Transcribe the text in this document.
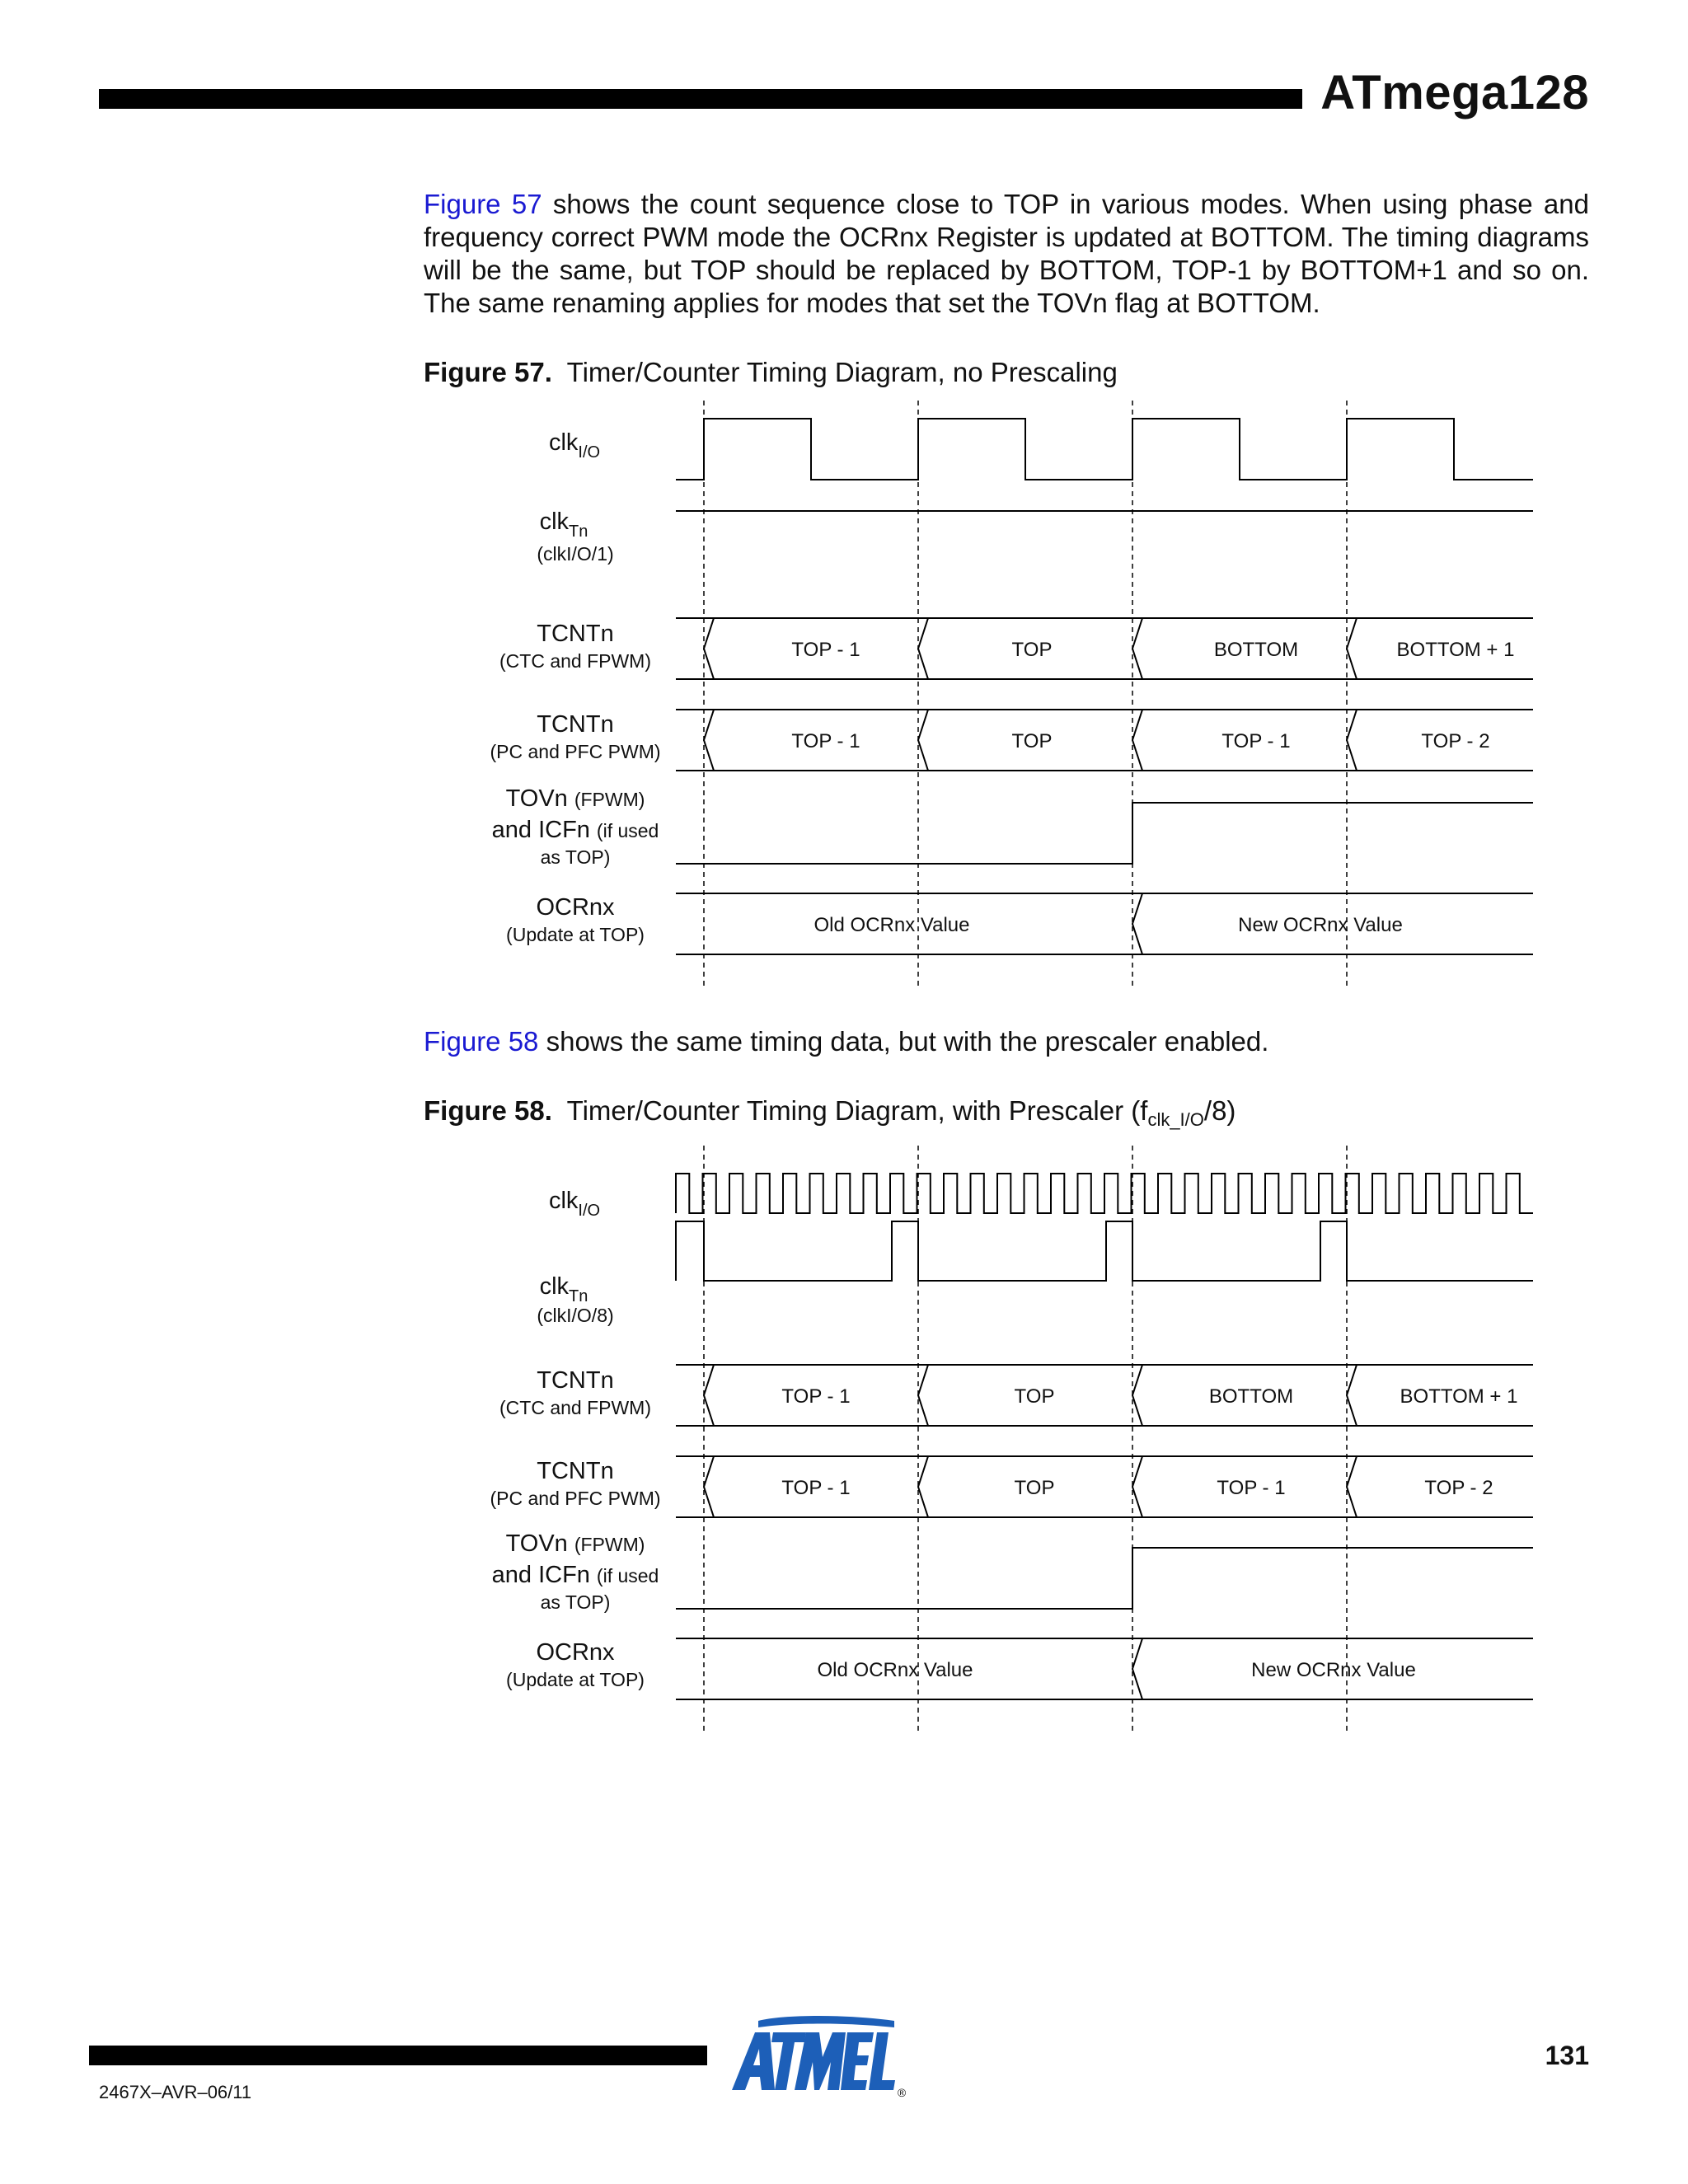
ATmega128
Figure 57 shows the count sequence close to TOP in various modes. When using phase and frequency correct PWM mode the OCRnx Register is updated at BOTTOM. The timing diagrams will be the same, but TOP should be replaced by BOTTOM, TOP-1 by BOTTOM+1 and so on. The same renaming applies for modes that set the TOVn flag at BOTTOM.
Figure 57. Timer/Counter Timing Diagram, no Prescaling
clk$_{I/O}$
clk$_{Tn}$
(clkI/O/1)
TCNTn
(CTC and FPWM)
TCNTn
(PC and PFC PWM)
TOVn (FPWM)
and ICFn (if used
as TOP)
OCRnx
(Update at TOP)
TOP - 1	TOP	BOTTOM	BOTTOM + 1
TOP - 1	TOP	TOP - 1	TOP - 2
Old OCRnx Value	New OCRnx Value
Figure 58 shows the same timing data, but with the prescaler enabled.
Figure 58. Timer/Counter Timing Diagram, with Prescaler $(f_{clk\_I/O}/8)$
clk$_{I/O}$
clk$_{Tn}$
(clkI/O/8)
TCNTn
(CTC and FPWM)
TCNTn
(PC and PFC PWM)
TOVn (FPWM)
and ICFn (if used
as TOP)
OCRnx
(Update at TOP)
TOP - 1	TOP	BOTTOM	BOTTOM + 1
TOP - 1	TOP	TOP - 1	TOP - 2
Old OCRnx Value	New OCRnx Value
®
131
2467X–AVR–06/11
